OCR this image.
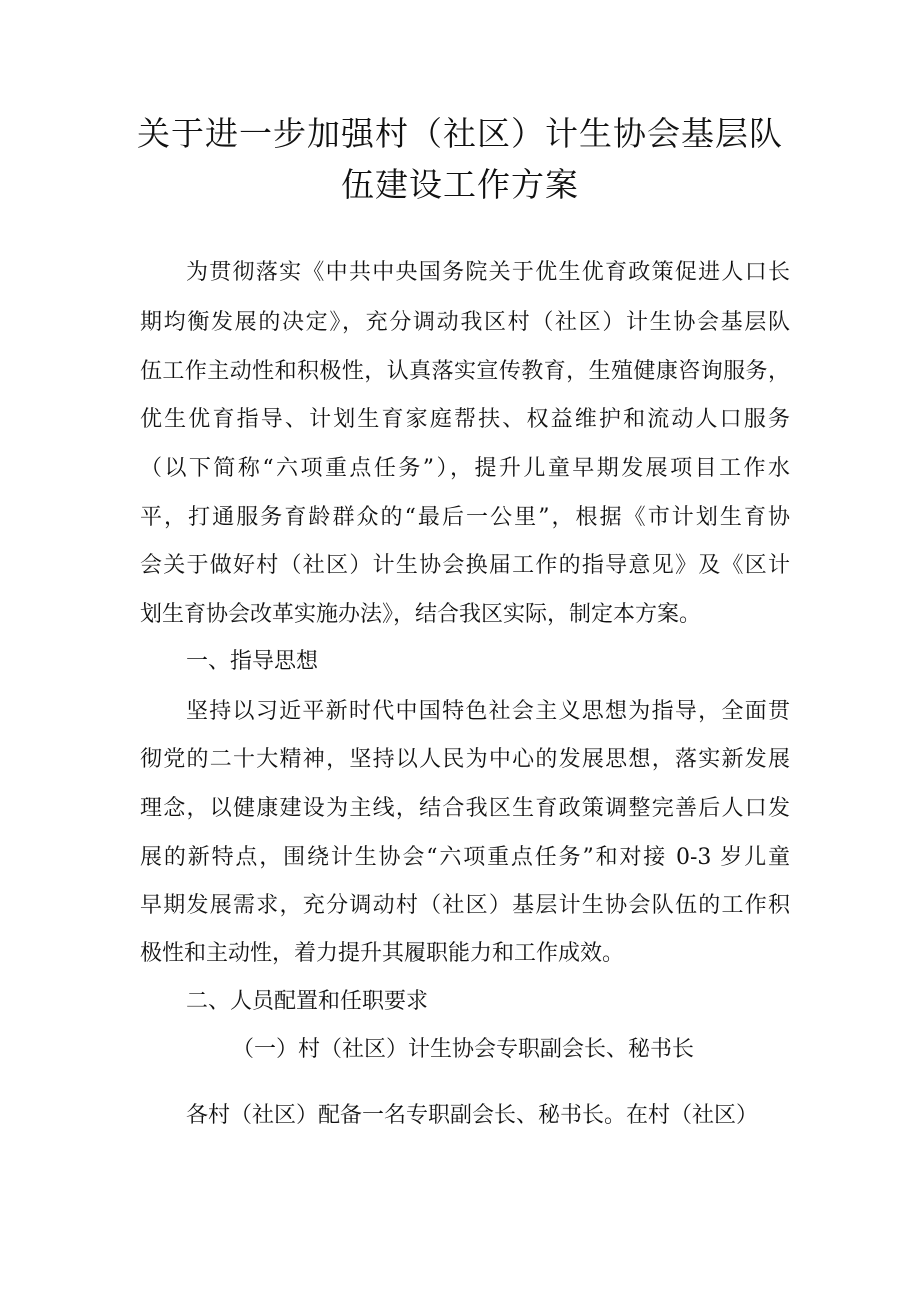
关于进一步加强村（社区）计生协会基层队
伍建设工作方案
为贯彻落实《中共中央国务院关于优生优育政策促进人口长
期均衡发展的决定》，充分调动我区村（社区）计生协会基层队
伍工作主动性和积极性，认真落实宣传教育，生殖健康咨询服务，
优生优育指导、计划生育家庭帮扶、权益维护和流动人口服务
（以下简称“六项重点任务”），提升儿童早期发展项目工作水
平，打通服务育龄群众的“最后一公里”，根据《市计划生育协
会关于做好村（社区）计生协会换届工作的指导意见》及《区计
划生育协会改革实施办法》，结合我区实际，制定本方案。
一、指导思想
坚持以习近平新时代中国特色社会主义思想为指导，全面贯
彻党的二十大精神，坚持以人民为中心的发展思想，落实新发展
理念，以健康建设为主线，结合我区生育政策调整完善后人口发
展的新特点，围绕计生协会“六项重点任务”和对接 0-3 岁儿童
早期发展需求，充分调动村（社区）基层计生协会队伍的工作积
极性和主动性，着力提升其履职能力和工作成效。
二、人员配置和任职要求
（一）村（社区）计生协会专职副会长、秘书长
各村（社区）配备一名专职副会长、秘书长。在村（社区）
